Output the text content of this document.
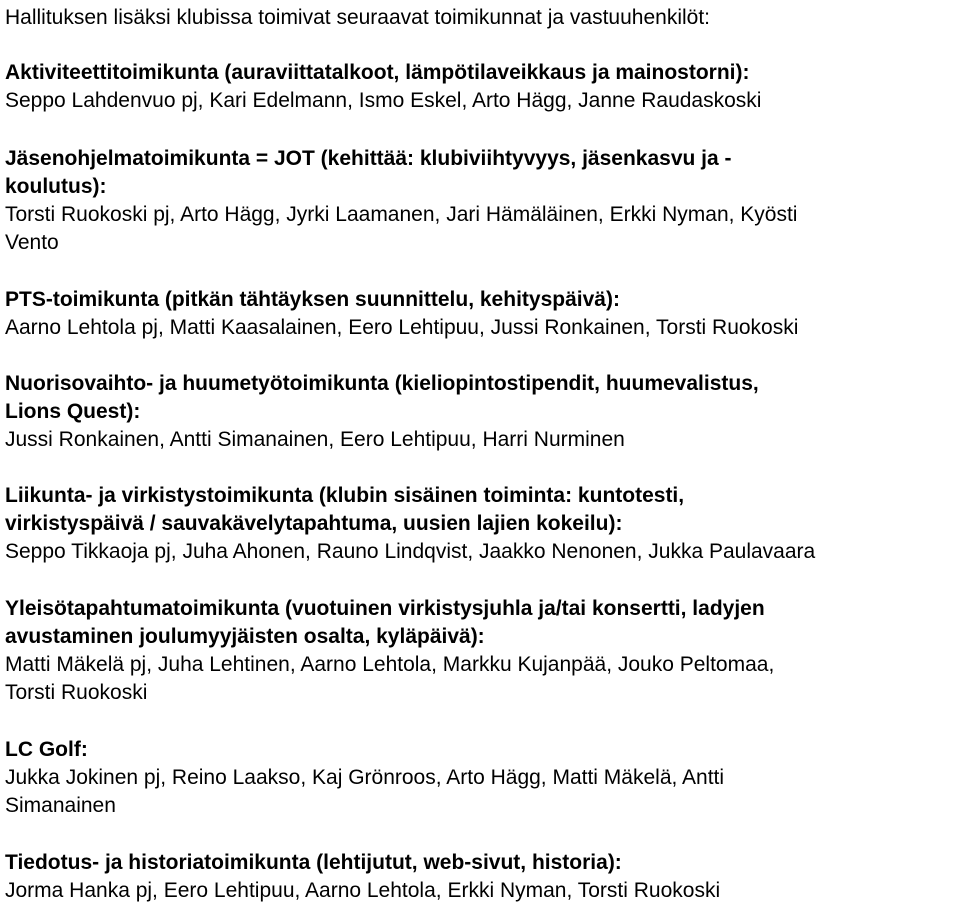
Hallituksen lisäksi klubissa toimivat seuraavat toimikunnat ja vastuuhenkilöt:
Aktiviteettitoimikunta (auraviittatalkoot, lämpötilaveikkaus ja mainostorni):
Seppo Lahdenvuo pj, Kari Edelmann, Ismo Eskel, Arto Hägg, Janne Raudaskoski
Jäsenohjelmatoimikunta = JOT (kehittää: klubiviihtyvyys, jäsenkasvu ja -
koulutus):
Torsti Ruokoski pj, Arto Hägg, Jyrki Laamanen, Jari Hämäläinen, Erkki Nyman, Kyösti
Vento
PTS-toimikunta (pitkän tähtäyksen suunnittelu, kehityspäivä):
Aarno Lehtola pj, Matti Kaasalainen, Eero Lehtipuu, Jussi Ronkainen, Torsti Ruokoski
Nuorisovaihto- ja huumetyötoimikunta (kieliopintostipendit, huumevalistus,
Lions Quest):
Jussi Ronkainen, Antti Simanainen, Eero Lehtipuu, Harri Nurminen
Liikunta- ja virkistystoimikunta (klubin sisäinen toiminta: kuntotesti,
virkistyspäivä / sauvakävelytapahtuma, uusien lajien kokeilu):
Seppo Tikkaoja pj, Juha Ahonen, Rauno Lindqvist, Jaakko Nenonen, Jukka Paulavaara
Yleisötapahtumatoimikunta (vuotuinen virkistysjuhla ja/tai konsertti, ladyjen
avustaminen joulumyyjäisten osalta, kyläpäivä):
Matti Mäkelä pj, Juha Lehtinen, Aarno Lehtola, Markku Kujanpää, Jouko Peltomaa,
Torsti Ruokoski
LC Golf:
Jukka Jokinen pj, Reino Laakso, Kaj Grönroos, Arto Hägg, Matti Mäkelä, Antti
Simanainen
Tiedotus- ja historiatoimikunta (lehtijutut, web-sivut, historia):
Jorma Hanka pj, Eero Lehtipuu, Aarno Lehtola, Erkki Nyman, Torsti Ruokoski
